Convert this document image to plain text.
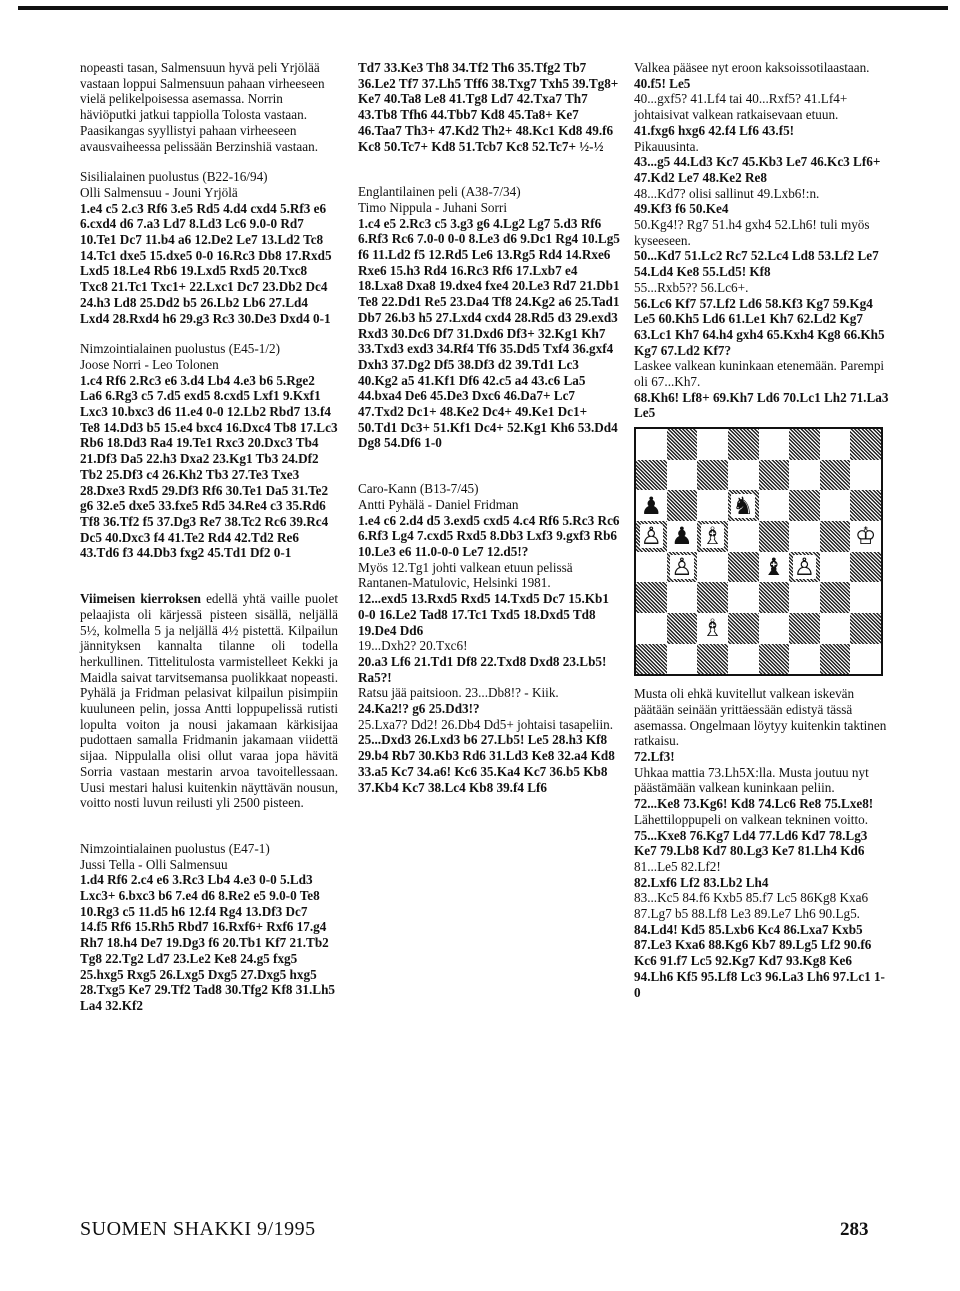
nopeasti tasan, Salmensuun hyvä peli Yrjölää vastaan loppui Salmensuun pahaan virheeseen vielä pelikelpoisessa asemassa. Norrin häviöputki jatkui tappiolla Tolosta vastaan. Paasikangas syyllistyi pahaan virheeseen avausvaiheessa pelissään Berzinshiä vastaan.
Sisilialainen puolustus (B22-16/94)
Olli Salmensuu - Jouni Yrjölä
1.e4 c5 2.c3 Rf6 3.e5 Rd5 4.d4 cxd4 5.Rf3 e6 6.cxd4 d6 7.a3 Ld7 8.Ld3 Lc6 9.0-0 Rd7 10.Te1 Dc7 11.b4 a6 12.De2 Le7 13.Ld2 Tc8 14.Tc1 dxe5 15.dxe5 0-0 16.Rc3 Db8 17.Rxd5 Lxd5 18.Le4 Rb6 19.Lxd5 Rxd5 20.Txc8 Txc8 21.Tc1 Txc1+ 22.Lxc1 Dc7 23.Db2 Dc4 24.h3 Ld8 25.Dd2 b5 26.Lb2 Lb6 27.Ld4 Lxd4 28.Rxd4 h6 29.g3 Rc3 30.De3 Dxd4 0-1
Nimzointialainen puolustus (E45-1/2)
Joose Norri - Leo Tolonen
1.c4 Rf6 2.Rc3 e6 3.d4 Lb4 4.e3 b6 5.Rge2 La6 6.Rg3 c5 7.d5 exd5 8.cxd5 Lxf1 9.Kxf1 Lxc3 10.bxc3 d6 11.e4 0-0 12.Lb2 Rbd7 13.f4 Te8 14.Dd3 b5 15.e4 bxc4 16.Dxc4 Tb8 17.Lc3 Rb6 18.Dd3 Ra4 19.Te1 Rxc3 20.Dxc3 Tb4 21.Df3 Da5 22.h3 Dxa2 23.Kg1 Tb3 24.Df2 Tb2 25.Df3 c4 26.Kh2 Tb3 27.Te3 Txe3 28.Dxe3 Rxd5 29.Df3 Rf6 30.Te1 Da5 31.Te2 g6 32.e5 dxe5 33.fxe5 Rd5 34.Re4 c3 35.Rd6 Tf8 36.Tf2 f5 37.Dg3 Re7 38.Tc2 Rc6 39.Rc4 Dc5 40.Dxc3 f4 41.Te2 Rd4 42.Td2 Re6 43.Td6 f3 44.Db3 fxg2 45.Td1 Df2 0-1
Viimeisen kierroksen edellä yhtä vaille puolet pelaajista oli kärjessä pisteen sisällä, neljällä 5½, kolmella 5 ja neljällä 4½ pistettä. Kilpailun jännityksen kannalta tilanne oli todella herkullinen. Tittelitulosta varmistelleet Kekki ja Maidla saivat tarvitsemansa puolikkaat nopeasti. Pyhälä ja Fridman pelasivat kilpailun pisimpiin kuuluneen pelin, jossa Antti loppupelissä rutisti lopulta voiton ja nousi jakamaan kärkisijaa pudottaen samalla Fridmanin jakamaan viidettä sijaa. Nippulalla olisi ollut varaa jopa hävitä Sorria vastaan mestarin arvoa tavoitellessaan. Uusi mestari halusi kuitenkin näyttävän nousun, voitto nosti luvun reilusti yli 2500 pisteen.
Nimzointialainen puolustus (E47-1)
Jussi Tella - Olli Salmensuu
1.d4 Rf6 2.c4 e6 3.Rc3 Lb4 4.e3 0-0 5.Ld3 Lxc3+ 6.bxc3 b6 7.e4 d6 8.Re2 e5 9.0-0 Te8 10.Rg3 c5 11.d5 h6 12.f4 Rg4 13.Df3 Dc7 14.f5 Rf6 15.Rh5 Rbd7 16.Rxf6+ Rxf6 17.g4 Rh7 18.h4 De7 19.Dg3 f6 20.Tb1 Kf7 21.Tb2 Tg8 22.Tg2 Ld7 23.Le2 Ke8 24.g5 fxg5 25.hxg5 Rxg5 26.Lxg5 Dxg5 27.Dxg5 hxg5 28.Txg5 Ke7 29.Tf2 Tad8 30.Tfg2 Kf8 31.Lh5 La4 32.Kf2
Td7 33.Ke3 Th8 34.Tf2 Th6 35.Tfg2 Tb7 36.Le2 Tf7 37.Lh5 Tff6 38.Txg7 Txh5 39.Tg8+ Ke7 40.Ta8 Le8 41.Tg8 Ld7 42.Txa7 Th7 43.Tb8 Tfh6 44.Tbb7 Kd8 45.Ta8+ Ke7 46.Taa7 Th3+ 47.Kd2 Th2+ 48.Kc1 Kd8 49.f6 Kc8 50.Tc7+ Kd8 51.Tcb7 Kc8 52.Tc7+ ½-½
Englantilainen peli (A38-7/34)
Timo Nippula - Juhani Sorri
1.c4 e5 2.Rc3 c5 3.g3 g6 4.Lg2 Lg7 5.d3 Rf6 6.Rf3 Rc6 7.0-0 0-0 8.Le3 d6 9.Dc1 Rg4 10.Lg5 f6 11.Ld2 f5 12.Rd5 Le6 13.Rg5 Rd4 14.Rxe6 Rxe6 15.h3 Rd4 16.Rc3 Rf6 17.Lxb7 e4 18.Lxa8 Dxa8 19.dxe4 fxe4 20.Le3 Rd7 21.Db1 Te8 22.Dd1 Re5 23.Da4 Tf8 24.Kg2 a6 25.Tad1 Db7 26.b3 h5 27.Lxd4 cxd4 28.Rd5 d3 29.exd3 Rxd3 30.Dc6 Df7 31.Dxd6 Df3+ 32.Kg1 Kh7 33.Txd3 exd3 34.Rf4 Tf6 35.Dd5 Txf4 36.gxf4 Dxh3 37.Dg2 Df5 38.Df3 d2 39.Td1 Lc3 40.Kg2 a5 41.Kf1 Df6 42.c5 a4 43.c6 La5 44.bxa4 De6 45.De3 Dxc6 46.Da7+ Lc7 47.Txd2 Dc1+ 48.Ke2 Dc4+ 49.Ke1 Dc1+ 50.Td1 Dc3+ 51.Kf1 Dc4+ 52.Kg1 Kh6 53.Dd4 Dg8 54.Df6 1-0
Caro-Kann (B13-7/45)
Antti Pyhälä - Daniel Fridman
1.e4 c6 2.d4 d5 3.exd5 cxd5 4.c4 Rf6 5.Rc3 Rc6 6.Rf3 Lg4 7.cxd5 Rxd5 8.Db3 Lxf3 9.gxf3 Rb6 10.Le3 e6 11.0-0-0 Le7 12.d5!?
Myös 12.Tg1 johti valkean etuun pelissä Rantanen-Matulovic, Helsinki 1981.
12...exd5 13.Rxd5 Rxd5 14.Txd5 Dc7 15.Kb1 0-0 16.Le2 Tad8 17.Tc1 Txd5 18.Dxd5 Td8 19.De4 Dd6
19...Dxh2? 20.Txc6!
20.a3 Lf6 21.Td1 Df8 22.Txd8 Dxd8 23.Lb5! Ra5?!
Ratsu jää paitsioon. 23...Db8!? - Kiik.
24.Ka2!? g6 25.Dd3!?
25.Lxa7? Dd2! 26.Db4 Dd5+ johtaisi tasapeliin.
25...Dxd3 26.Lxd3 b6 27.Lb5! Le5 28.h3 Kf8 29.b4 Rb7 30.Kb3 Rd6 31.Ld3 Ke8 32.a4 Kd8 33.a5 Kc7 34.a6! Kc6 35.Ka4 Kc7 36.b5 Kb8 37.Kb4 Kc7 38.Lc4 Kb8 39.f4 Lf6
Valkea pääsee nyt eroon kaksoissotilaastaan.
40.f5! Le5
40...gxf5? 41.Lf4 tai 40...Rxf5? 41.Lf4+ johtaisivat valkean ratkaisevaan etuun.
41.fxg6 hxg6 42.f4 Lf6 43.f5!
Pikauusinta.
43...g5 44.Ld3 Kc7 45.Kb3 Le7 46.Kc3 Lf6+ 47.Kd2 Le7 48.Ke2 Re8
48...Kd7? olisi sallinut 49.Lxb6!:n.
49.Kf3 f6 50.Ke4
50.Kg4!? Rg7 51.h4 gxh4 52.Lh6! tuli myös kyseeseen.
50...Kd7 51.Lc2 Rc7 52.Lc4 Ld8 53.Lf2 Le7 54.Ld4 Ke8 55.Ld5! Kf8
55...Rxb5?? 56.Lc6+.
56.Lc6 Kf7 57.Lf2 Ld6 58.Kf3 Kg7 59.Kg4 Le5 60.Kh5 Ld6 61.Le1 Kh7 62.Ld2 Kg7 63.Lc1 Kh7 64.h4 gxh4 65.Kxh4 Kg8 66.Kh5 Kg7 67.Ld2 Kf7?
Laskee valkean kuninkaan etenemään. Parempi oli 67...Kh7.
68.Kh6! Lf8+ 69.Kh7 Ld6 70.Lc1 Lh2 71.La3 Le5
♟	♞
♙ ♟ ♗	♔
♙	♝ ♙
♗
Musta oli ehkä kuvitellut valkean iskevän päätään seinään yrittäessään edistyä tässä asemassa. Ongelmaan löytyy kuitenkin taktinen ratkaisu.
72.Lf3!
Uhkaa mattia 73.Lh5X:lla. Musta joutuu nyt päästämään valkean kuninkaan peliin.
72...Ke8 73.Kg6! Kd8 74.Lc6 Re8 75.Lxe8!
Lähettiloppupeli on valkean tekninen voitto.
75...Kxe8 76.Kg7 Ld4 77.Ld6 Kd7 78.Lg3 Ke7 79.Lb8 Kd7 80.Lg3 Ke7 81.Lh4 Kd6
81...Le5 82.Lf2!
82.Lxf6 Lf2 83.Lb2 Lh4
83...Kc5 84.f6 Kxb5 85.f7 Lc5 86Kg8 Kxa6 87.Lg7 b5 88.Lf8 Le3 89.Le7 Lh6 90.Lg5.
84.Ld4! Kd5 85.Lxb6 Kc4 86.Lxa7 Kxb5 87.Le3 Kxa6 88.Kg6 Kb7 89.Lg5 Lf2 90.f6 Kc6 91.f7 Lc5 92.Kg7 Kd7 93.Kg8 Ke6 94.Lh6 Kf5 95.Lf8 Lc3 96.La3 Lh6 97.Lc1 1-0
SUOMEN SHAKKI 9/1995	283
